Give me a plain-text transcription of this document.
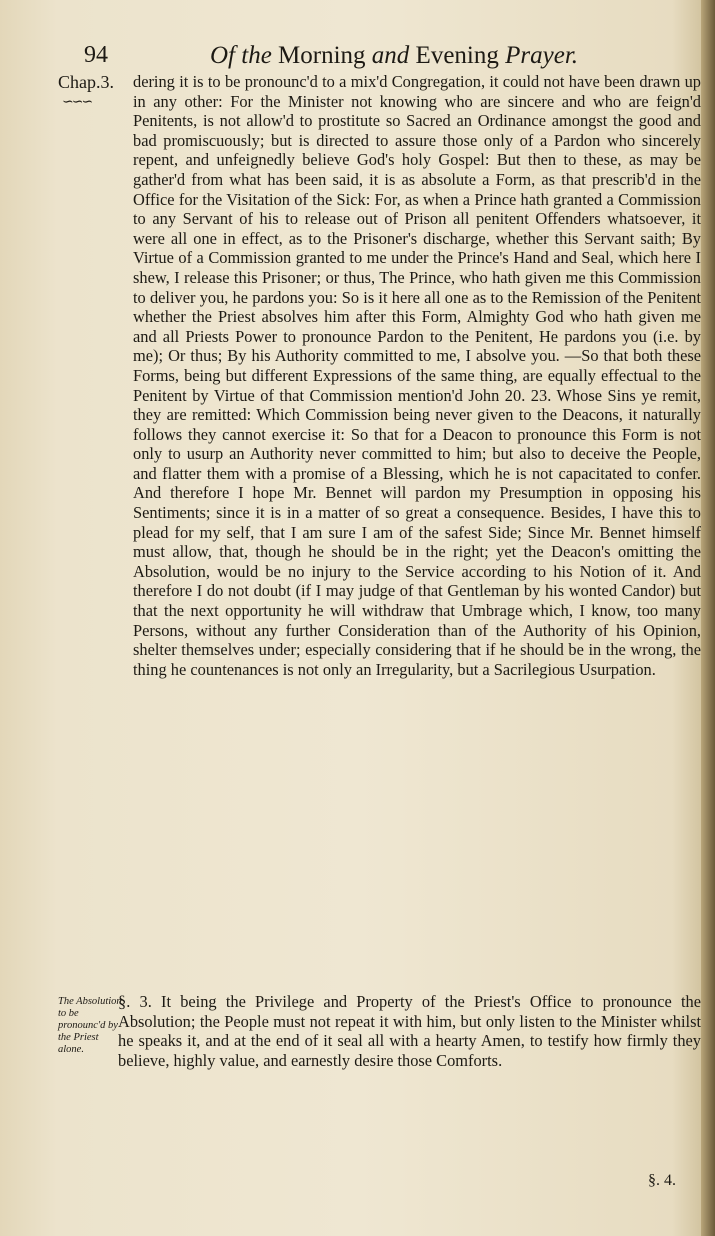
94	Of the Morning and Evening Prayer.
Chap.3.
∽∽∽
dering it is to be pronounc'd to a mix'd Congregation, it could not have been drawn up in any other: For the Minister not knowing who are sincere and who are feign'd Penitents, is not allow'd to prostitute so Sacred an Ordinance amongst the good and bad promiscuously; but is directed to assure those only of a Pardon who sincerely repent, and unfeignedly believe God's holy Gospel: But then to these, as may be gather'd from what has been said, it is as absolute a Form, as that prescrib'd in the Office for the Visitation of the Sick: For, as when a Prince hath granted a Commission to any Servant of his to release out of Prison all penitent Offenders whatsoever, it were all one in effect, as to the Prisoner's discharge, whether this Servant saith; By Virtue of a Commission granted to me under the Prince's Hand and Seal, which here I shew, I release this Prisoner; or thus, The Prince, who hath given me this Commission to deliver you, he pardons you: So is it here all one as to the Remission of the Penitent whether the Priest absolves him after this Form, Almighty God who hath given me and all Priests Power to pronounce Pardon to the Penitent, He pardons you (i.e. by me); Or thus; By his Authority committed to me, I absolve you. —So that both these Forms, being but different Expressions of the same thing, are equally effectual to the Penitent by Virtue of that Commission mention'd John 20. 23. Whose Sins ye remit, they are remitted: Which Commission being never given to the Deacons, it naturally follows they cannot exercise it: So that for a Deacon to pronounce this Form is not only to usurp an Authority never committed to him; but also to deceive the People, and flatter them with a promise of a Blessing, which he is not capacitated to confer. And therefore I hope Mr. Bennet will pardon my Presumption in opposing his Sentiments; since it is in a matter of so great a consequence. Besides, I have this to plead for my self, that I am sure I am of the safest Side; Since Mr. Bennet himself must allow, that, though he should be in the right; yet the Deacon's omitting the Absolution, would be no injury to the Service according to his Notion of it. And therefore I do not doubt (if I may judge of that Gentleman by his wonted Candor) but that the next opportunity he will withdraw that Umbrage which, I know, too many Persons, without any further Consideration than of the Authority of his Opinion, shelter themselves under; especially considering that if he should be in the wrong, the thing he countenances is not only an Irregularity, but a Sacrilegious Usurpation.
The Absolution to be pronounc'd by the Priest alone.
§. 3. It being the Privilege and Property of the Priest's Office to pronounce the Absolution; the People must not repeat it with him, but only listen to the Minister whilst he speaks it, and at the end of it seal all with a hearty Amen, to testify how firmly they believe, highly value, and earnestly desire those Comforts.
§. 4.
